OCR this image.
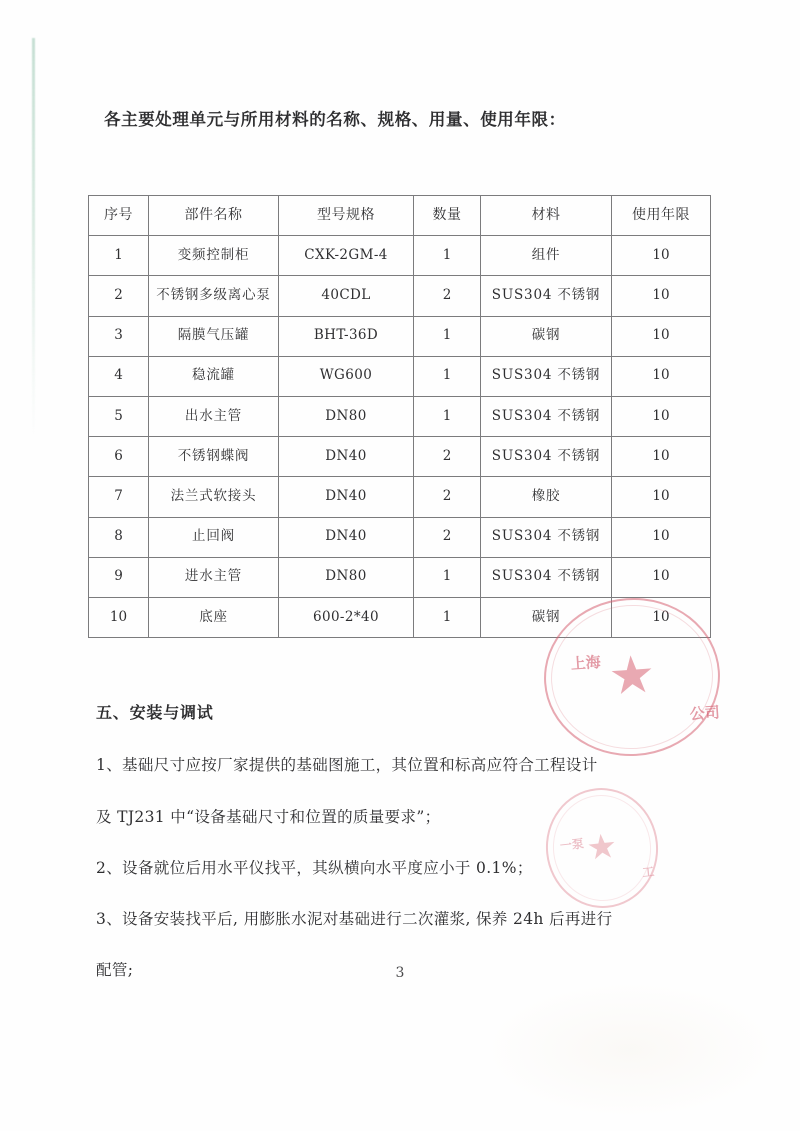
各主要处理单元与所用材料的名称、规格、用量、使用年限：
序号	部件名称	型号规格	数量	材料	使用年限
1	变频控制柜	CXK-2GM-4	1	组件	10
2	不锈钢多级离心泵	40CDL	2	SUS304 不锈钢	10
3	隔膜气压罐	BHT-36D	1	碳钢	10
4	稳流罐	WG600	1	SUS304 不锈钢	10
5	出水主管	DN80	1	SUS304 不锈钢	10
6	不锈钢蝶阀	DN40	2	SUS304 不锈钢	10
7	法兰式软接头	DN40	2	橡胶	10
8	止回阀	DN40	2	SUS304 不锈钢	10
9	进水主管	DN80	1	SUS304 不锈钢	10
10	底座	600-2*40	1	碳钢	10
五、安装与调试
1、基础尺寸应按厂家提供的基础图施工，其位置和标高应符合工程设计
及 TJ231 中“设备基础尺寸和位置的质量要求”；
2、设备就位后用水平仪找平，其纵横向水平度应小于 0.1%；
3、设备安装找平后, 用膨胀水泥对基础进行二次灌浆, 保养 24h 后再进行
配管;
上海
公司
★
一泵
工
★
3
